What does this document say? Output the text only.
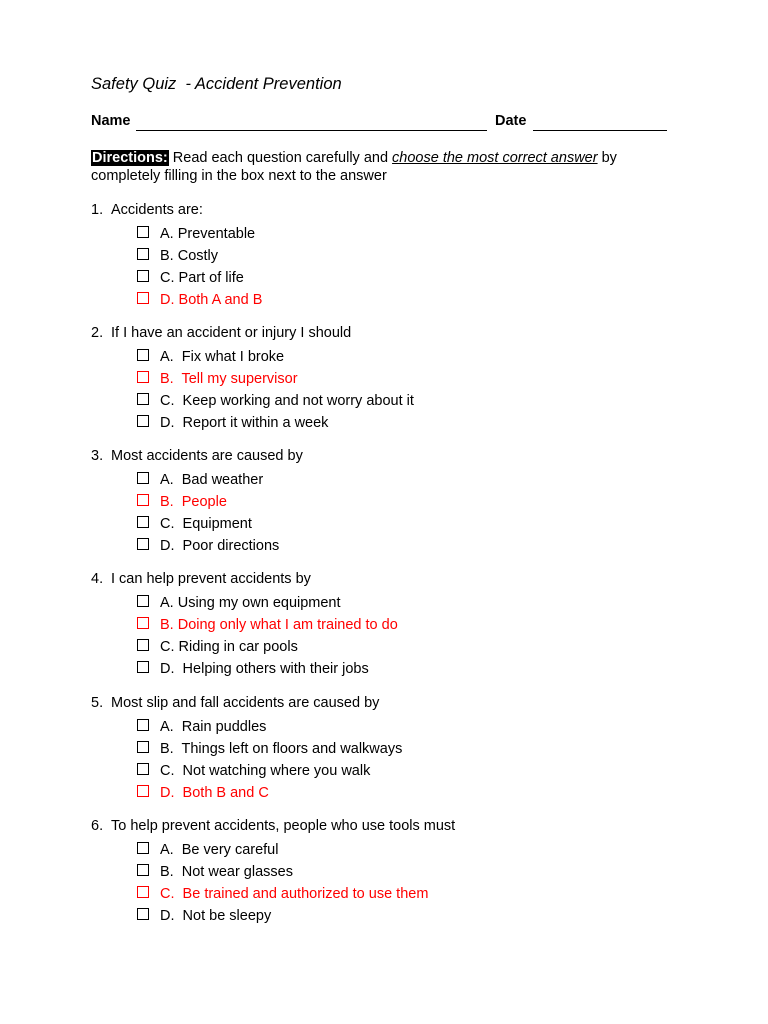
Safety Quiz  - Accident Prevention
Name	Date

Directions: Read each question carefully and choose the most correct answer by completely filling in the box next to the answer

1. Accidents are:
A. Preventable
B. Costly
C. Part of life
D. Both A and B
2. If I have an accident or injury I should
A.  Fix what I broke
B.  Tell my supervisor
C.  Keep working and not worry about it
D.  Report it within a week
3. Most accidents are caused by
A.  Bad weather
B.  People
C.  Equipment
D.  Poor directions
4. I can help prevent accidents by
A. Using my own equipment
B. Doing only what I am trained to do
C. Riding in car pools
D.  Helping others with their jobs
5. Most slip and fall accidents are caused by
A.  Rain puddles
B.  Things left on floors and walkways
C.  Not watching where you walk
D.  Both B and C
6. To help prevent accidents, people who use tools must
A.  Be very careful
B.  Not wear glasses
C.  Be trained and authorized to use them
D.  Not be sleepy
